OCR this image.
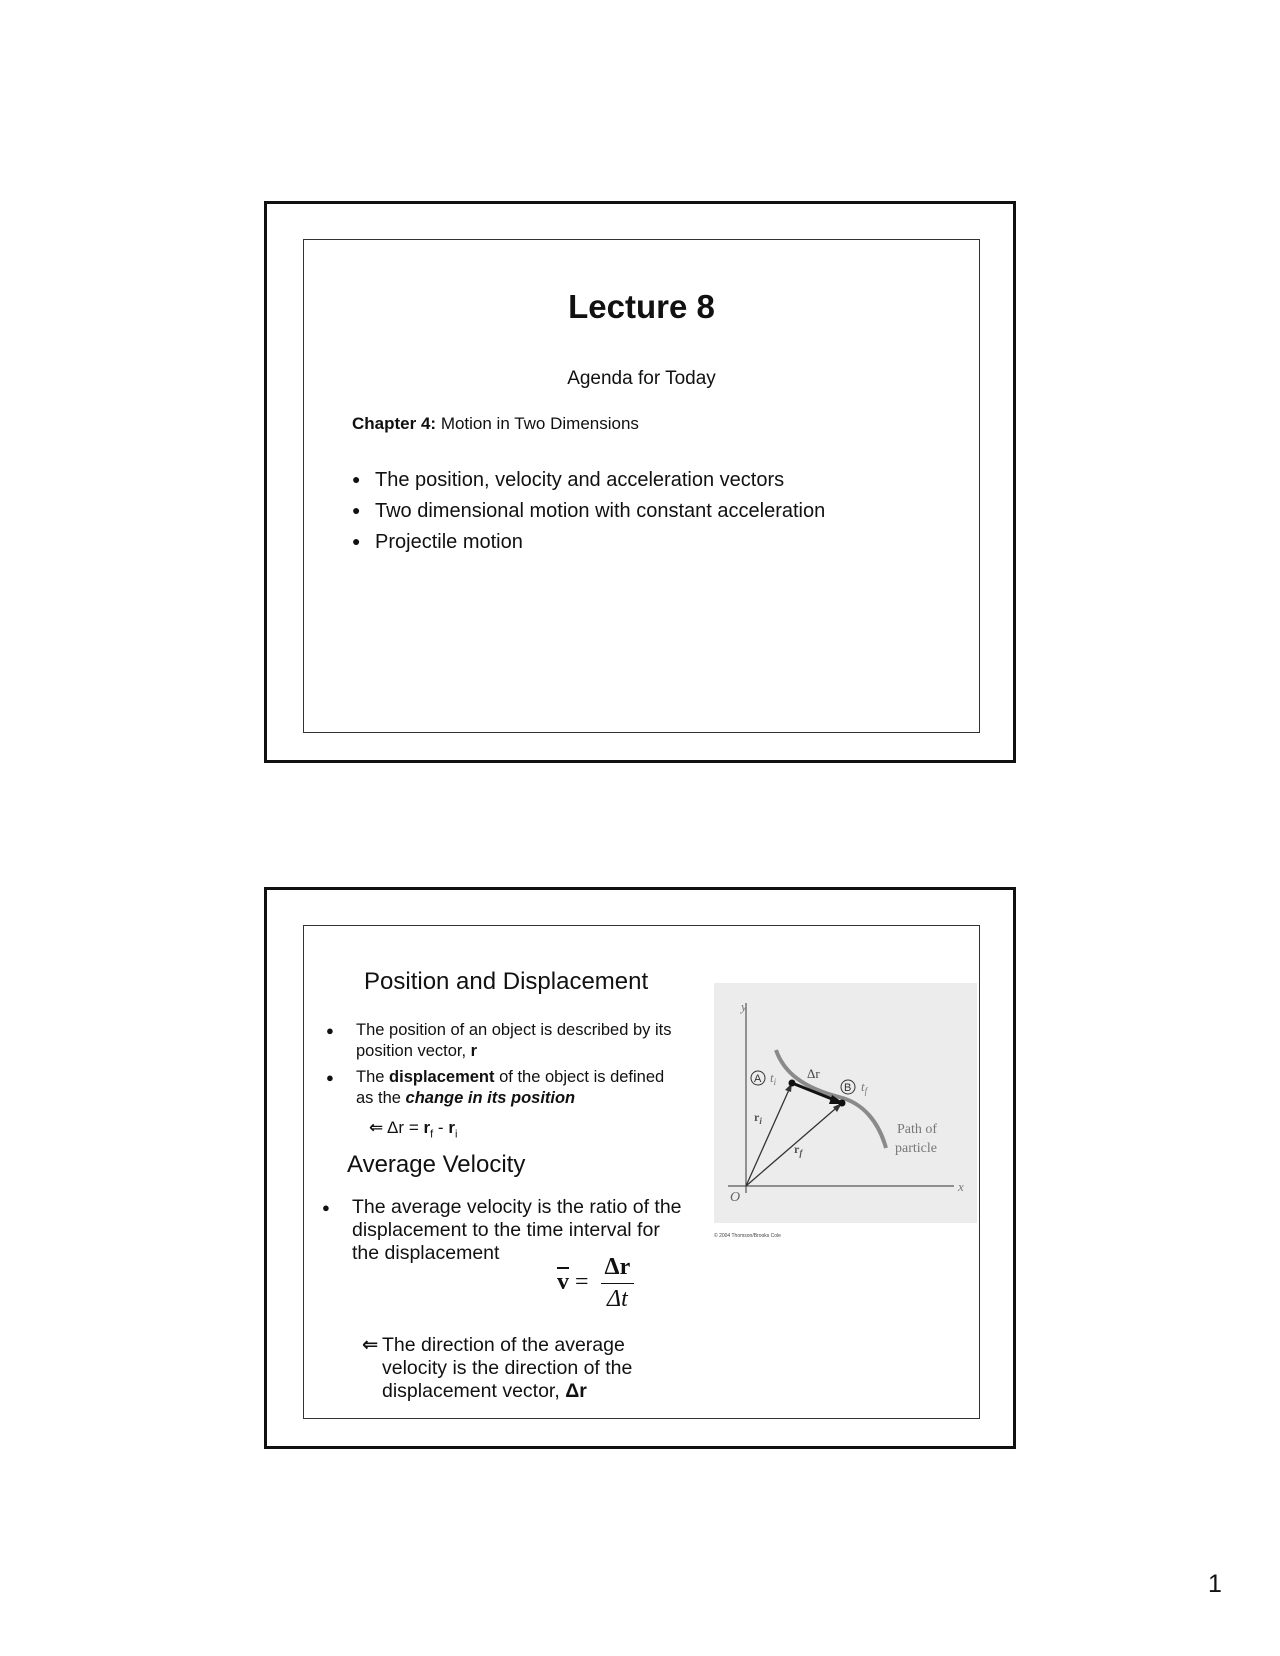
Lecture 8
Agenda for Today
Chapter 4: Motion in Two Dimensions
● The position, velocity and acceleration vectors
● Two dimensional motion with constant acceleration
● Projectile motion
Position and Displacement
● The position of an object is described by its position vector, r
● The displacement of the object is defined as the change in its position
⇐ $\Delta r = r_f - r_i$
Average Velocity
● The average velocity is the ratio of the displacement to the time interval for the displacement
$\overline{v} = \frac{\Delta r}{\Delta t}$
⇐ The direction of the average velocity is the direction of the displacement vector, Δr
y
x
O
A $t_i$
Δr
B $t_f$
$r_i$
$r_f$
Path of
particle
© 2004 Thomson/Brooks Cole
1
